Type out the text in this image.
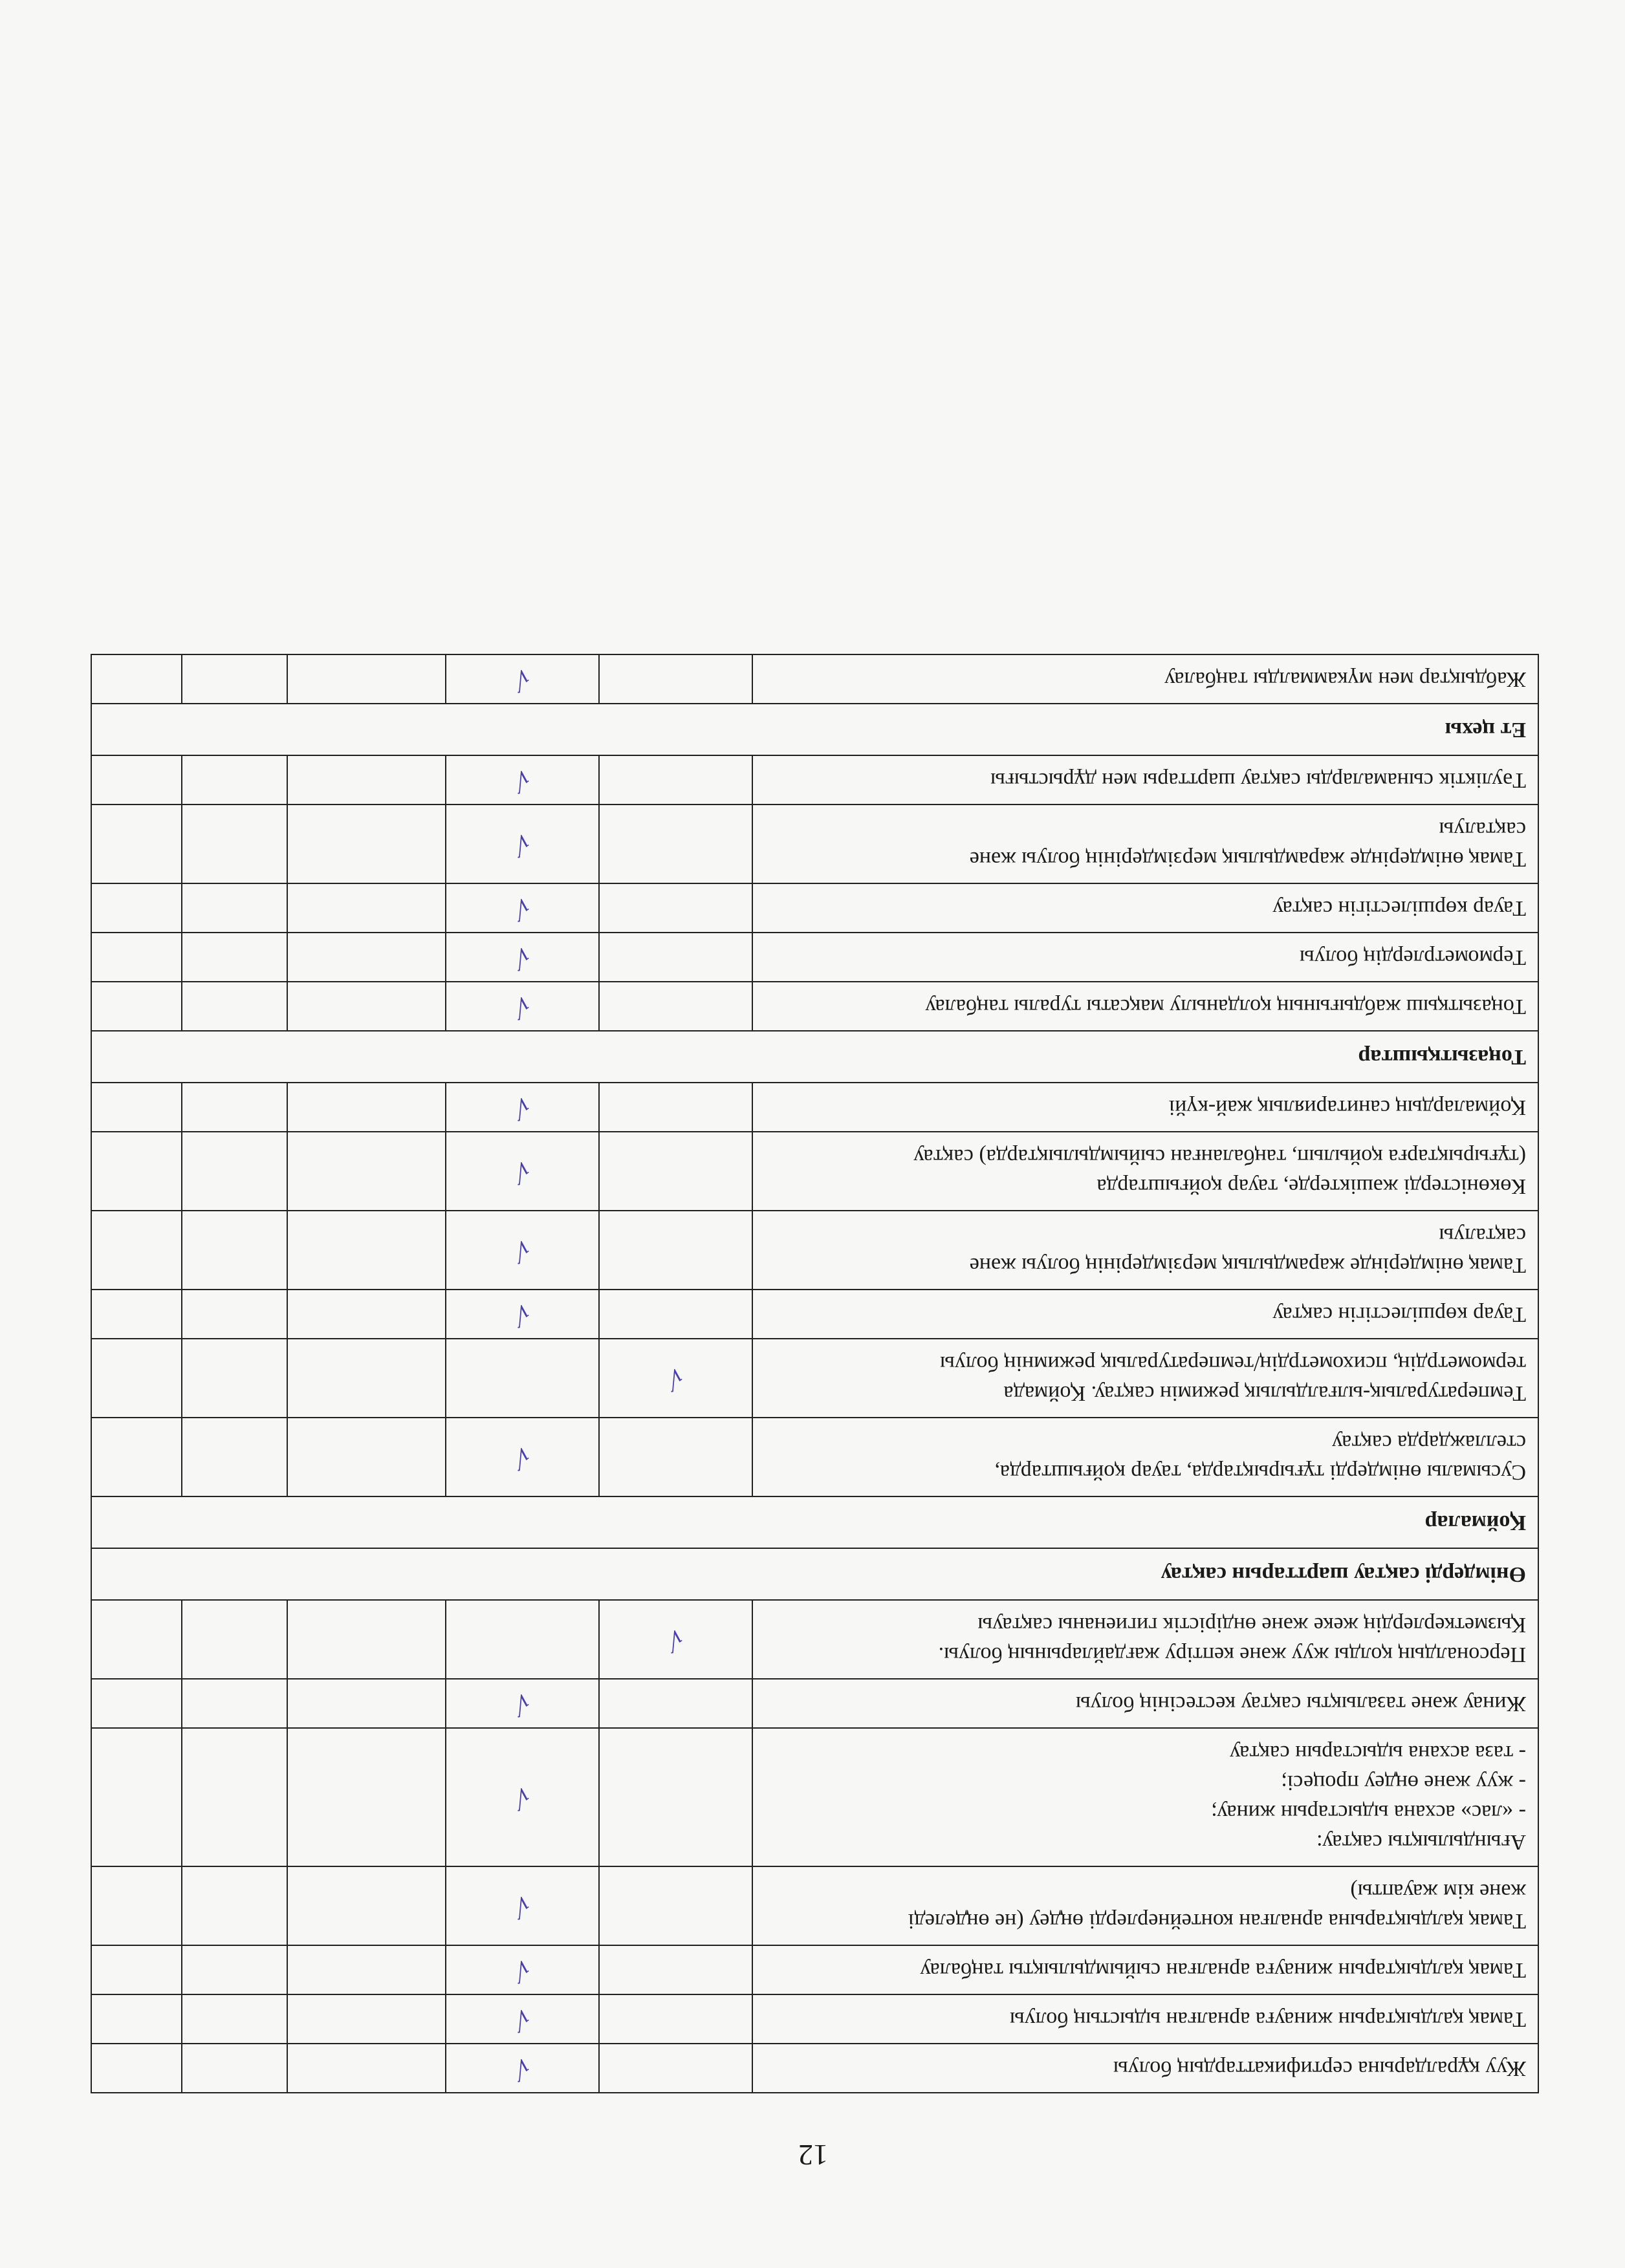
12
Жуу құралдарына сертификаттардың болуы		√			

Тамақ қалдықтарын жинауға арналған ыдыстың болуы		√			

Тамақ қалдықтарын жинауға арналған сыйымдылықты таңбалау		√			

Тамақ қалдықтарына арналған контейнерлерді өңдеу (не өңделеді
және кім жауапты)		√			

Ағындылықты сақтау:
- «лас» асхана ыдыстарын жинау;
- жуу және өңдеу процесі;
- таза асхана ыдыстарын сақтау		√			

Жинау және тазалықты сақтау кестесінің болуы		√			

Персоналдың қолды жуу және кептіру жағдайларының болуы.
Қызметкерлердің жеке және өндірістік гигиенаны сақтауы	√				

Өнімдерді сақтау шарттарын сақтау					

Қоймалар					

Сусымалы өнімдерді тұғырықтарда, тауар қойғыштарда,
стеллаждарда сақтау		√			

Температуралық-ылғалдылық режимін сақтау. Қоймада
термометрдің, психометрдің/температуралық режимнің болуы	√				

Тауар көршілестігін сақтау		√			

Тамақ өнімдерінде жарамдылық мерзімдерінің болуы және
сақталуы		√			

Көкөністерді жәшіктерде, тауар қойғыштарда
(тұғырықтарға қойылып, таңбаланған сыйымдылықтарда) сақтау		√			

Қоймалардың санитариялық жай-күйі		√			

Тоңазытқыштар					

Тоңазытқыш жабдығының қолданылу мақсаты туралы таңбалау		√			

Термометрлердің болуы		√			

Тауар көршілестігін сақтау		√			

Тамақ өнімдерінде жарамдылық мерзімдерінің болуы және
сақталуы		√			

Тәуліктік сынамаларды сақтау шарттары мен дұрыстығы		√			

Ет цехы					

Жабдықтар мен мүкаммалды таңбалау		√			
